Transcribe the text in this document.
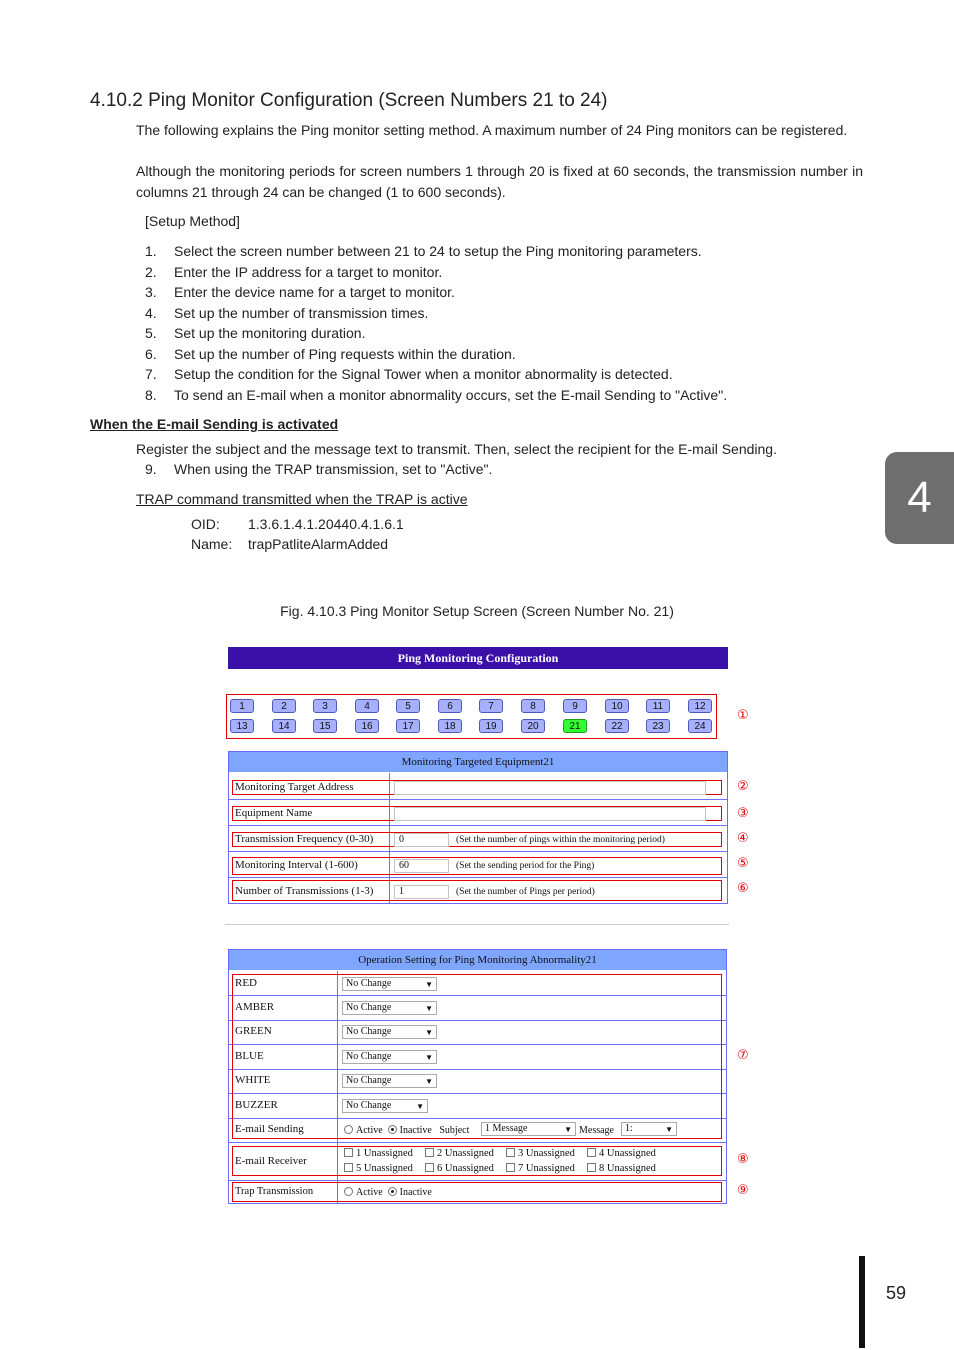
4.10.2 Ping Monitor Configuration (Screen Numbers 21 to 24)
The following explains the Ping monitor setting method. A maximum number of 24 Ping monitors can be registered.
Although the monitoring periods for screen numbers 1 through 20 is fixed at 60 seconds, the transmission number in columns 21 through 24 can be changed (1 to 600 seconds).
[Setup Method]
1. Select the screen number between 21 to 24 to setup the Ping monitoring parameters.
2. Enter the IP address for a target to monitor.
3. Enter the device name for a target to monitor.
4. Set up the number of transmission times.
5. Set up the monitoring duration.
6. Set up the number of Ping requests within the duration.
7. Setup the condition for the Signal Tower when a monitor abnormality is detected.
8. To send an E-mail when a monitor abnormality occurs, set the E-mail Sending to "Active".
When the E-mail Sending is activated
Register the subject and the message text to transmit. Then, select the recipient for the E-mail Sending.
9. When using the TRAP transmission, set to "Active".
TRAP command transmitted when the TRAP is active
OID: 1.3.6.1.4.1.20440.4.1.6.1
Name: trapPatliteAlarmAdded
Fig. 4.10.3 Ping Monitor Setup Screen (Screen Number No. 21)
4
59
Ping Monitoring Configuration
1	2	3	4	5	6	7	8	9	10	11	12
13	14	15	16	17	18	19	20	21	22	23	24
Monitoring Targeted Equipment21
Monitoring Target Address
Equipment Name
Transmission Frequency (0-30)	0	(Set the number of pings within the monitoring period)
Monitoring Interval (1-600)	60	(Set the sending period for the Ping)
Number of Transmissions (1-3)	1	(Set the number of Pings per period)
Operation Setting for Ping Monitoring Abnormality21
RED	No Change	▼
AMBER	No Change	▼
GREEN	No Change	▼
BLUE	No Change	▼
WHITE	No Change	▼
BUZZER	No Change	▼
E-mail Sending	Active Inactive Subject	1 Message	▼ Message	1:	▼
E-mail Receiver
1 Unassigned	2 Unassigned	3 Unassigned	4 Unassigned
5 Unassigned	6 Unassigned	7 Unassigned	8 Unassigned
Trap Transmission	Active Inactive
①
②
③
④
⑤
⑥
⑦
⑧
⑨
